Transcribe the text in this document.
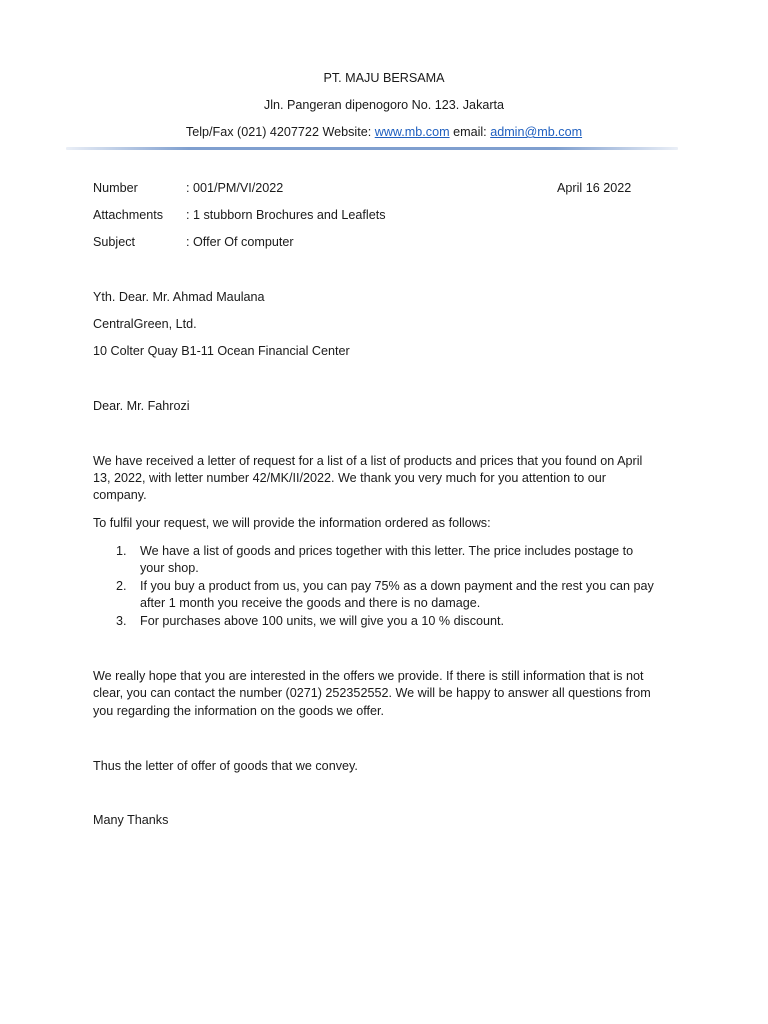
PT. MAJU BERSAMA
Jln. Pangeran dipenogoro No. 123. Jakarta
Telp/Fax (021) 4207722 Website: www.mb.com email: admin@mb.com
Number	: 001/PM/VI/2022	April 16 2022
Attachments : 1 stubborn Brochures and Leaflets
Subject	: Offer Of computer
Yth. Dear. Mr. Ahmad Maulana
CentralGreen, Ltd.
10 Colter Quay B1-11 Ocean Financial Center
Dear. Mr. Fahrozi
We have received a letter of request for a list of a list of products and prices that you found on April
13, 2022, with letter number 42/MK/II/2022. We thank you very much for you attention to our
company.
To fulfil your request, we will provide the information ordered as follows:
1. We have a list of goods and prices together with this letter. The price includes postage to
your shop.
2. If you buy a product from us, you can pay 75% as a down payment and the rest you can pay
after 1 month you receive the goods and there is no damage.
3. For purchases above 100 units, we will give you a 10 % discount.
We really hope that you are interested in the offers we provide. If there is still information that is not
clear, you can contact the number (0271) 252352552. We will be happy to answer all questions from
you regarding the information on the goods we offer.
Thus the letter of offer of goods that we convey.
Many Thanks
